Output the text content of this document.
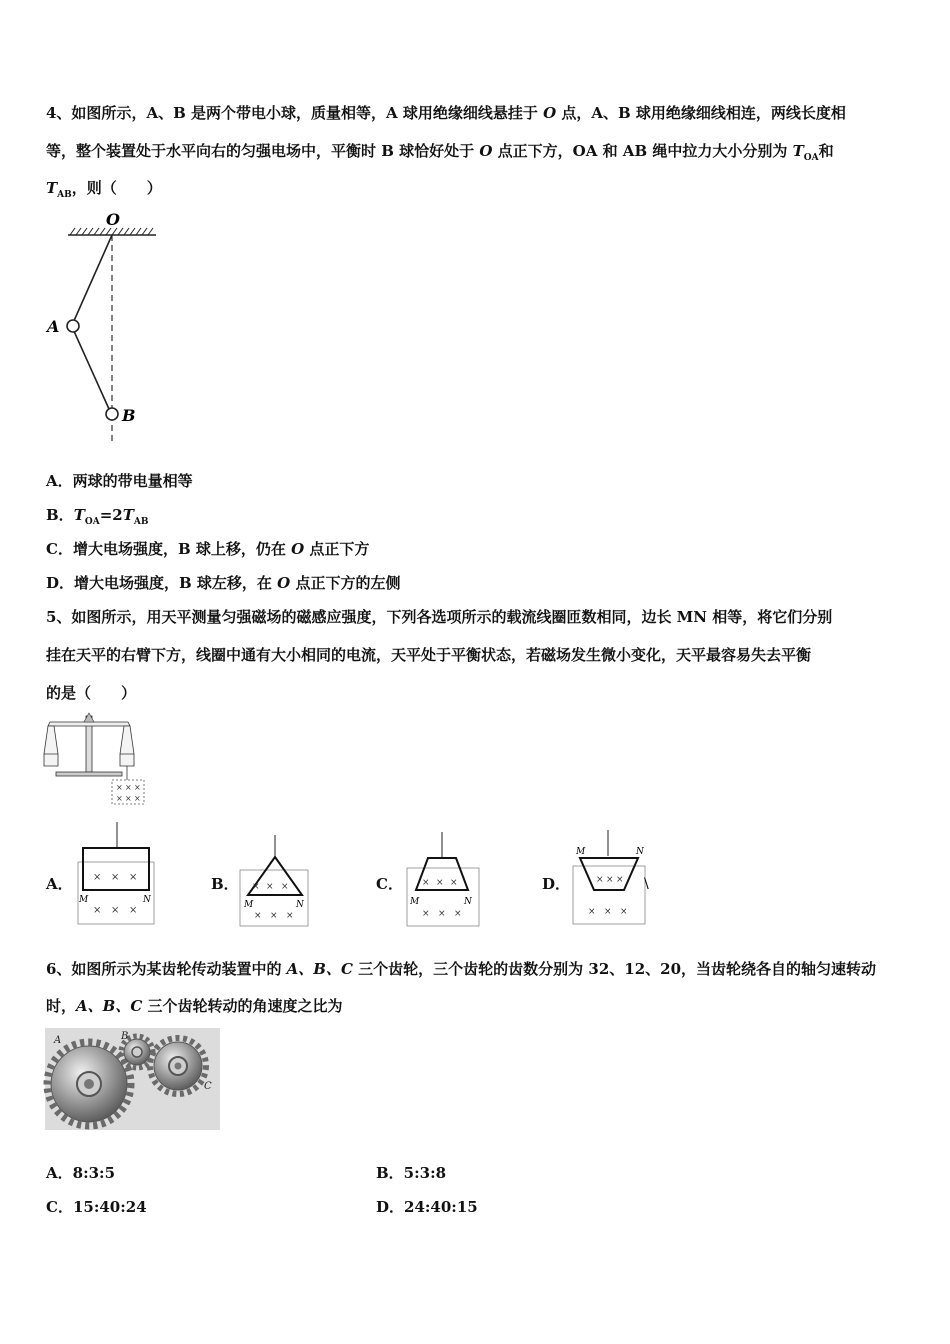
4、如图所示，A、B 是两个带电小球，质量相等，A 球用绝缘细线悬挂于 O 点，A、B 球用绝缘细线相连，两线长度相
等，整个装置处于水平向右的匀强电场中，平衡时 B 球恰好处于 O 点正下方，OA 和 AB 绳中拉力大小分别为 $T_{OA}$和
$T_{AB}$，则（　　）
O
A
B
A．两球的带电量相等
B．$T_{OA}=2T_{AB}$
C．增大电场强度，B 球上移，仍在 O 点正下方
D．增大电场强度，B 球左移，在 O 点正下方的左侧
5、如图所示，用天平测量匀强磁场的磁感应强度，下列各选项所示的载流线圈匝数相同，边长 MN 相等，将它们分别
挂在天平的右臂下方，线圈中通有大小相同的电流，天平处于平衡状态，若磁场发生微小变化，天平最容易失去平衡
的是（　　）
× × ×
× × ×
A． × × ×
× × ×
M	N
B． × × ×
× × ×
M	N
C． × × ×
× × ×
M	N
D．	× × ×
× × ×
M	N
\
6、如图所示为某齿轮传动装置中的 A、B、C 三个齿轮，三个齿轮的齿数分别为 32、12、20，当齿轮绕各自的轴匀速转动
时，A、B、C 三个齿轮转动的角速度之比为
A	B
C
A．8:3:5	B．5:3:8
C．15:40:24	D．24:40:15
